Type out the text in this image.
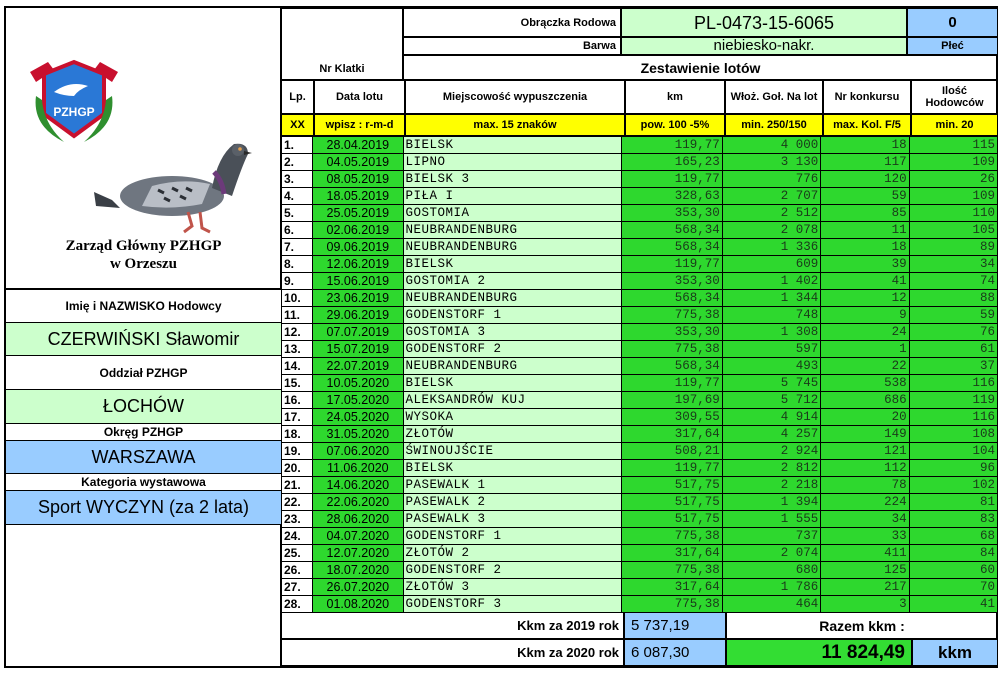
PZHGP
Zarząd Główny PZHGP
w Orzeszu
Imię i NAZWISKO Hodowcy
CZERWIŃSKI Sławomir
Oddział PZHGP
ŁOCHÓW
Okręg PZHGP
WARSZAWA
Kategoria wystawowa
Sport WYCZYN (za 2 lata)
Nr Klatki
Obrączka Rodowa	PL-0473-15-6065	0
Barwa	niebiesko-nakr.	Płeć
Zestawienie lotów
Lp.	Data lotu	Miejscowość wypuszczenia	km	Włoż. Goł. Na lot	Nr konkursu	Ilość Hodowców
XX	wpisz : r-m-d	max. 15 znaków	pow. 100 -5%	min. 250/150	max. Kol. F/5	min. 20
1.	28.04.2019	BIELSK	119,77	4 000	18	115
2.	04.05.2019	LIPNO	165,23	3 130	117	109
3.	08.05.2019	BIELSK 3	119,77	776	120	26
4.	18.05.2019	PIŁA I	328,63	2 707	59	109
5.	25.05.2019	GOSTOMIA	353,30	2 512	85	110
6.	02.06.2019	NEUBRANDENBURG	568,34	2 078	11	105
7.	09.06.2019	NEUBRANDENBURG	568,34	1 336	18	89
8.	12.06.2019	BIELSK	119,77	609	39	34
9.	15.06.2019	GOSTOMIA 2	353,30	1 402	41	74
10.	23.06.2019	NEUBRANDENBURG	568,34	1 344	12	88
11.	29.06.2019	GODENSTORF 1	775,38	748	9	59
12.	07.07.2019	GOSTOMIA 3	353,30	1 308	24	76
13.	15.07.2019	GODENSTORF 2	775,38	597	1	61
14.	22.07.2019	NEUBRANDENBURG	568,34	493	22	37
15.	10.05.2020	BIELSK	119,77	5 745	538	116
16.	17.05.2020	ALEKSANDRÓW KUJ	197,69	5 712	686	119
17.	24.05.2020	WYSOKA	309,55	4 914	20	116
18.	31.05.2020	ZŁOTÓW	317,64	4 257	149	108
19.	07.06.2020	ŚWINOUJŚCIE	508,21	2 924	121	104
20.	11.06.2020	BIELSK	119,77	2 812	112	96
21.	14.06.2020	PASEWALK 1	517,75	2 218	78	102
22.	22.06.2020	PASEWALK 2	517,75	1 394	224	81
23.	28.06.2020	PASEWALK 3	517,75	1 555	34	83
24.	04.07.2020	GODENSTORF 1	775,38	737	33	68
25.	12.07.2020	ZŁOTÓW 2	317,64	2 074	411	84
26.	18.07.2020	GODENSTORF 2	775,38	680	125	60
27.	26.07.2020	ZŁOTÓW 3	317,64	1 786	217	70
28.	01.08.2020	GODENSTORF 3	775,38	464	3	41
Kkm za 2019 rok 5 737,19	Razem kkm :
Kkm za 2020 rok 6 087,30	11 824,49	kkm
